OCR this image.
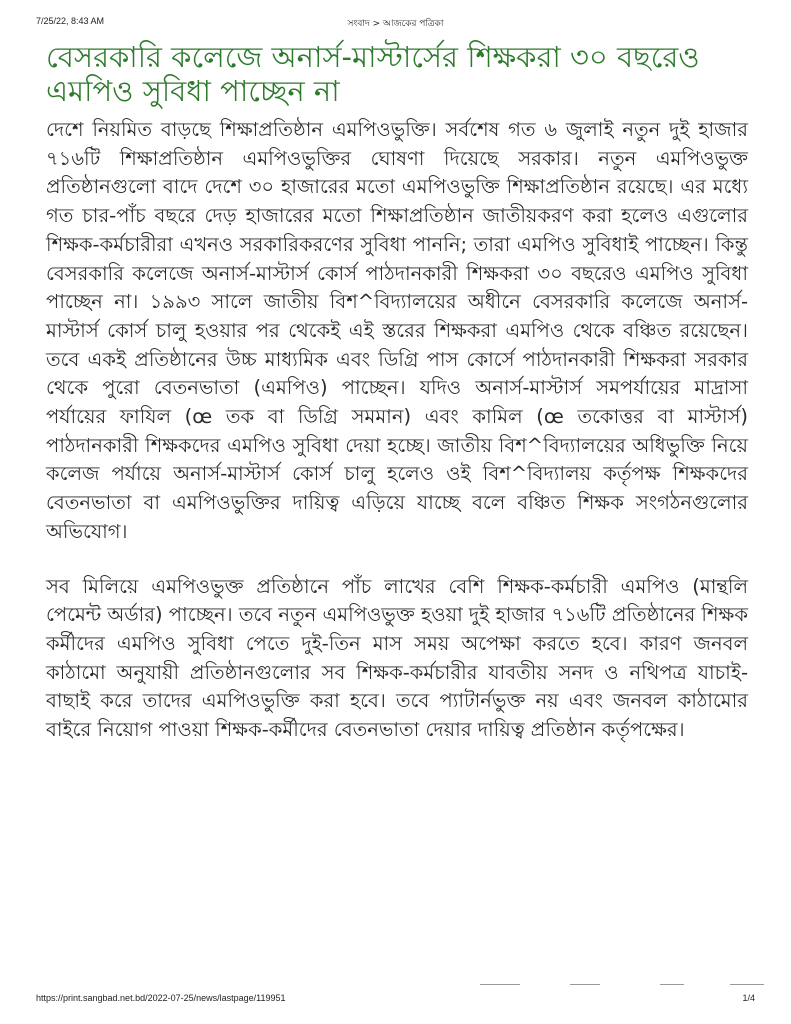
7/25/22, 8:43 AM	সংবাদ > আজকের পত্রিকা
বেসরকারি কলেজে অনার্স-মাস্টার্সের শিক্ষকরা ৩০ বছরেও এমপিও সুবিধা পাচ্ছেন না

দেশে নিয়মিত বাড়ছে শিক্ষাপ্রতিষ্ঠান এমপিওভুক্তি। সর্বশেষ গত ৬ জুলাই নতুন দুই হাজার ৭১৬টি শিক্ষাপ্রতিষ্ঠান এমপিওভুক্তির ঘোষণা দিয়েছে সরকার। নতুন এমপিওভুক্ত প্রতিষ্ঠানগুলো বাদে দেশে ৩০ হাজারের মতো এমপিওভুক্তি শিক্ষাপ্রতিষ্ঠান রয়েছে। এর মধ্যে গত চার-পাঁচ বছরে দেড় হাজারের মতো শিক্ষাপ্রতিষ্ঠান জাতীয়করণ করা হলেও এগুলোর শিক্ষক-কর্মচারীরা এখনও সরকারিকরণের সুবিধা পাননি; তারা এমপিও সুবিধাই পাচ্ছেন। কিন্তু বেসরকারি কলেজে অনার্স-মাস্টার্স কোর্স পাঠদানকারী শিক্ষকরা ৩০ বছরেও এমপিও সুবিধা পাচ্ছেন না। ১৯৯৩ সালে জাতীয় বিশ^বিদ্যালয়ের অধীনে বেসরকারি কলেজে অনার্স-মাস্টার্স কোর্স চালু হওয়ার পর থেকেই এই স্তরের শিক্ষকরা এমপিও থেকে বঞ্চিত রয়েছেন। তবে একই প্রতিষ্ঠানের উচ্চ মাধ্যমিক এবং ডিগ্রি পাস কোর্সে পাঠদানকারী শিক্ষকরা সরকার থেকে পুরো বেতনভাতা (এমপিও) পাচ্ছেন। যদিও অনার্স-মাস্টার্স সমপর্যায়ের মাদ্রাসা পর্যায়ের ফাযিল (œ তক বা ডিগ্রি সমমান) এবং কামিল (œ তকোত্তর বা মাস্টার্স) পাঠদানকারী শিক্ষকদের এমপিও সুবিধা দেয়া হচ্ছে। জাতীয় বিশ^বিদ্যালয়ের অধিভুক্তি নিয়ে কলেজ পর্যায়ে অনার্স-মাস্টার্স কোর্স চালু হলেও ওই বিশ^বিদ্যালয় কর্তৃপক্ষ শিক্ষকদের বেতনভাতা বা এমপিওভুক্তির দায়িত্ব এড়িয়ে যাচ্ছে বলে বঞ্চিত শিক্ষক সংগঠনগুলোর অভিযোগ।

সব মিলিয়ে এমপিওভুক্ত প্রতিষ্ঠানে পাঁচ লাখের বেশি শিক্ষক-কর্মচারী এমপিও (মান্থলি পেমেন্ট অর্ডার) পাচ্ছেন। তবে নতুন এমপিওভুক্ত হওয়া দুই হাজার ৭১৬টি প্রতিষ্ঠানের শিক্ষক কর্মীদের এমপিও সুবিধা পেতে দুই-তিন মাস সময় অপেক্ষা করতে হবে। কারণ জনবল কাঠামো অনুযায়ী প্রতিষ্ঠানগুলোর সব শিক্ষক-কর্মচারীর যাবতীয় সনদ ও নথিপত্র যাচাই-বাছাই করে তাদের এমপিওভুক্তি করা হবে। তবে প্যাটার্নভুক্ত নয় এবং জনবল কাঠামোর বাইরে নিয়োগ পাওয়া শিক্ষক-কর্মীদের বেতনভাতা দেয়ার দায়িত্ব প্রতিষ্ঠান কর্তৃপক্ষের।

https://print.sangbad.net.bd/2022-07-25/news/lastpage/119951	1/4
